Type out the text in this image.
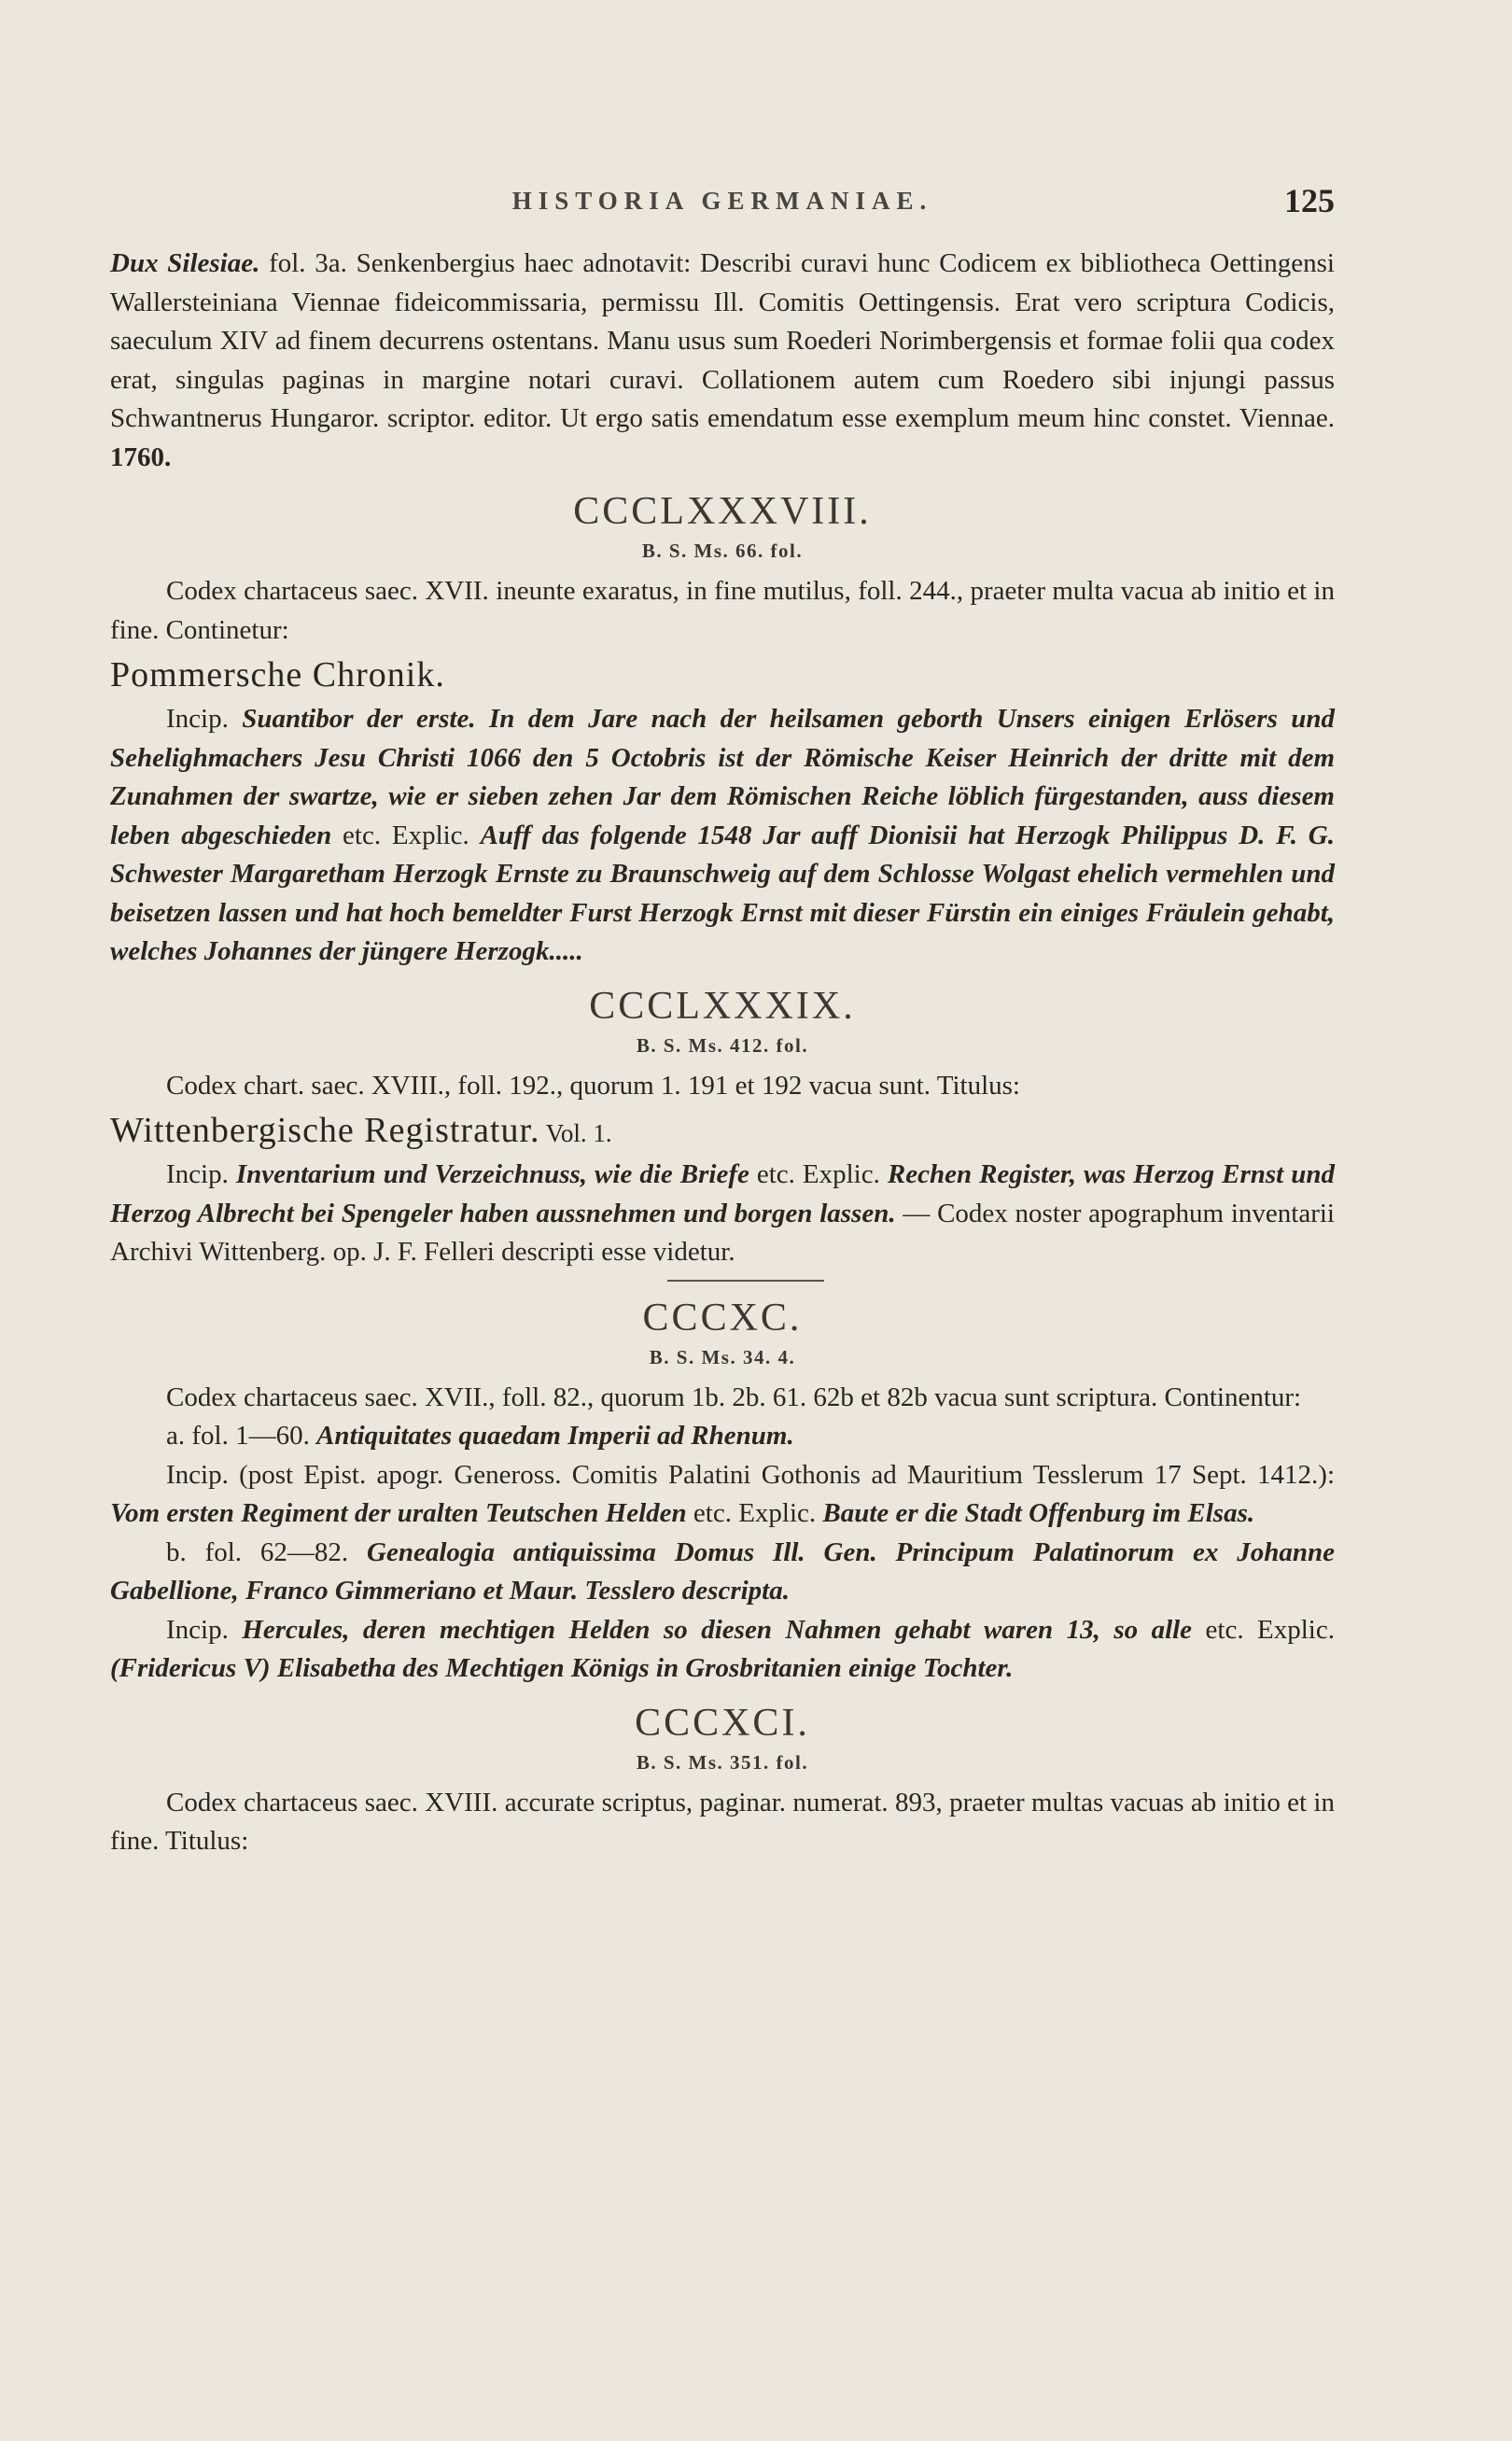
HISTORIA GERMANIAE.	125

Dux Silesiae. fol. 3a. Senkenbergius haec adnotavit: Describi curavi hunc Codicem ex bibliotheca Oettingensi Wallersteiniana Viennae fideicommissaria, permissu Ill. Comitis Oettingensis. Erat vero scriptura Codicis, saeculum XIV ad finem decurrens ostentans. Manu usus sum Roederi Norimbergensis et formae folii qua codex erat, singulas paginas in margine notari curavi. Collationem autem cum Roedero sibi injungi passus Schwantnerus Hungaror. scriptor. editor. Ut ergo satis emendatum esse exemplum meum hinc constet. Viennae. 1760.

CCCLXXXVIII.
B. S. Ms. 66. fol.

Codex chartaceus saec. XVII. ineunte exaratus, in fine mutilus, foll. 244., praeter multa vacua ab initio et in fine. Continetur:

Pommersche Chronik.

Incip. Suantibor der erste. In dem Jare nach der heilsamen geborth Unsers einigen Erlösers und Sehelighmachers Jesu Christi 1066 den 5 Octobris ist der Römische Keiser Heinrich der dritte mit dem Zunahmen der swartze, wie er sieben zehen Jar dem Römischen Reiche löblich fürgestanden, auss diesem leben abgeschieden etc. Explic. Auff das folgende 1548 Jar auff Dionisii hat Herzogk Philippus D. F. G. Schwester Margaretham Herzogk Ernste zu Braunschweig auf dem Schlosse Wolgast ehelich vermehlen und beisetzen lassen und hat hoch bemeldter Furst Herzogk Ernst mit dieser Fürstin ein einiges Fräulein gehabt, welches Johannes der jüngere Herzogk.....

CCCLXXXIX.
B. S. Ms. 412. fol.

Codex chart. saec. XVIII., foll. 192., quorum 1. 191 et 192 vacua sunt. Titulus:

Wittenbergische Registratur. Vol. 1.

Incip. Inventarium und Verzeichnuss, wie die Briefe etc. Explic. Rechen Register, was Herzog Ernst und Herzog Albrecht bei Spengeler haben aussnehmen und borgen lassen. — Codex noster apographum inventarii Archivi Wittenberg. op. J. F. Felleri descripti esse videtur.

CCCXC.
B. S. Ms. 34. 4.

Codex chartaceus saec. XVII., foll. 82., quorum 1b. 2b. 61. 62b et 82b vacua sunt scriptura. Continentur:

a. fol. 1—60. Antiquitates quaedam Imperii ad Rhenum.

Incip. (post Epist. apogr. Geneross. Comitis Palatini Gothonis ad Mauritium Tesslerum 17 Sept. 1412.): Vom ersten Regiment der uralten Teutschen Helden etc. Explic. Baute er die Stadt Offenburg im Elsas.

b. fol. 62—82. Genealogia antiquissima Domus Ill. Gen. Principum Palatinorum ex Johanne Gabellione, Franco Gimmeriano et Maur. Tesslero descripta.

Incip. Hercules, deren mechtigen Helden so diesen Nahmen gehabt waren 13, so alle etc. Explic. (Fridericus V) Elisabetha des Mechtigen Königs in Grosbritanien einige Tochter.

CCCXCI.
B. S. Ms. 351. fol.

Codex chartaceus saec. XVIII. accurate scriptus, paginar. numerat. 893, praeter multas vacuas ab initio et in fine. Titulus:
